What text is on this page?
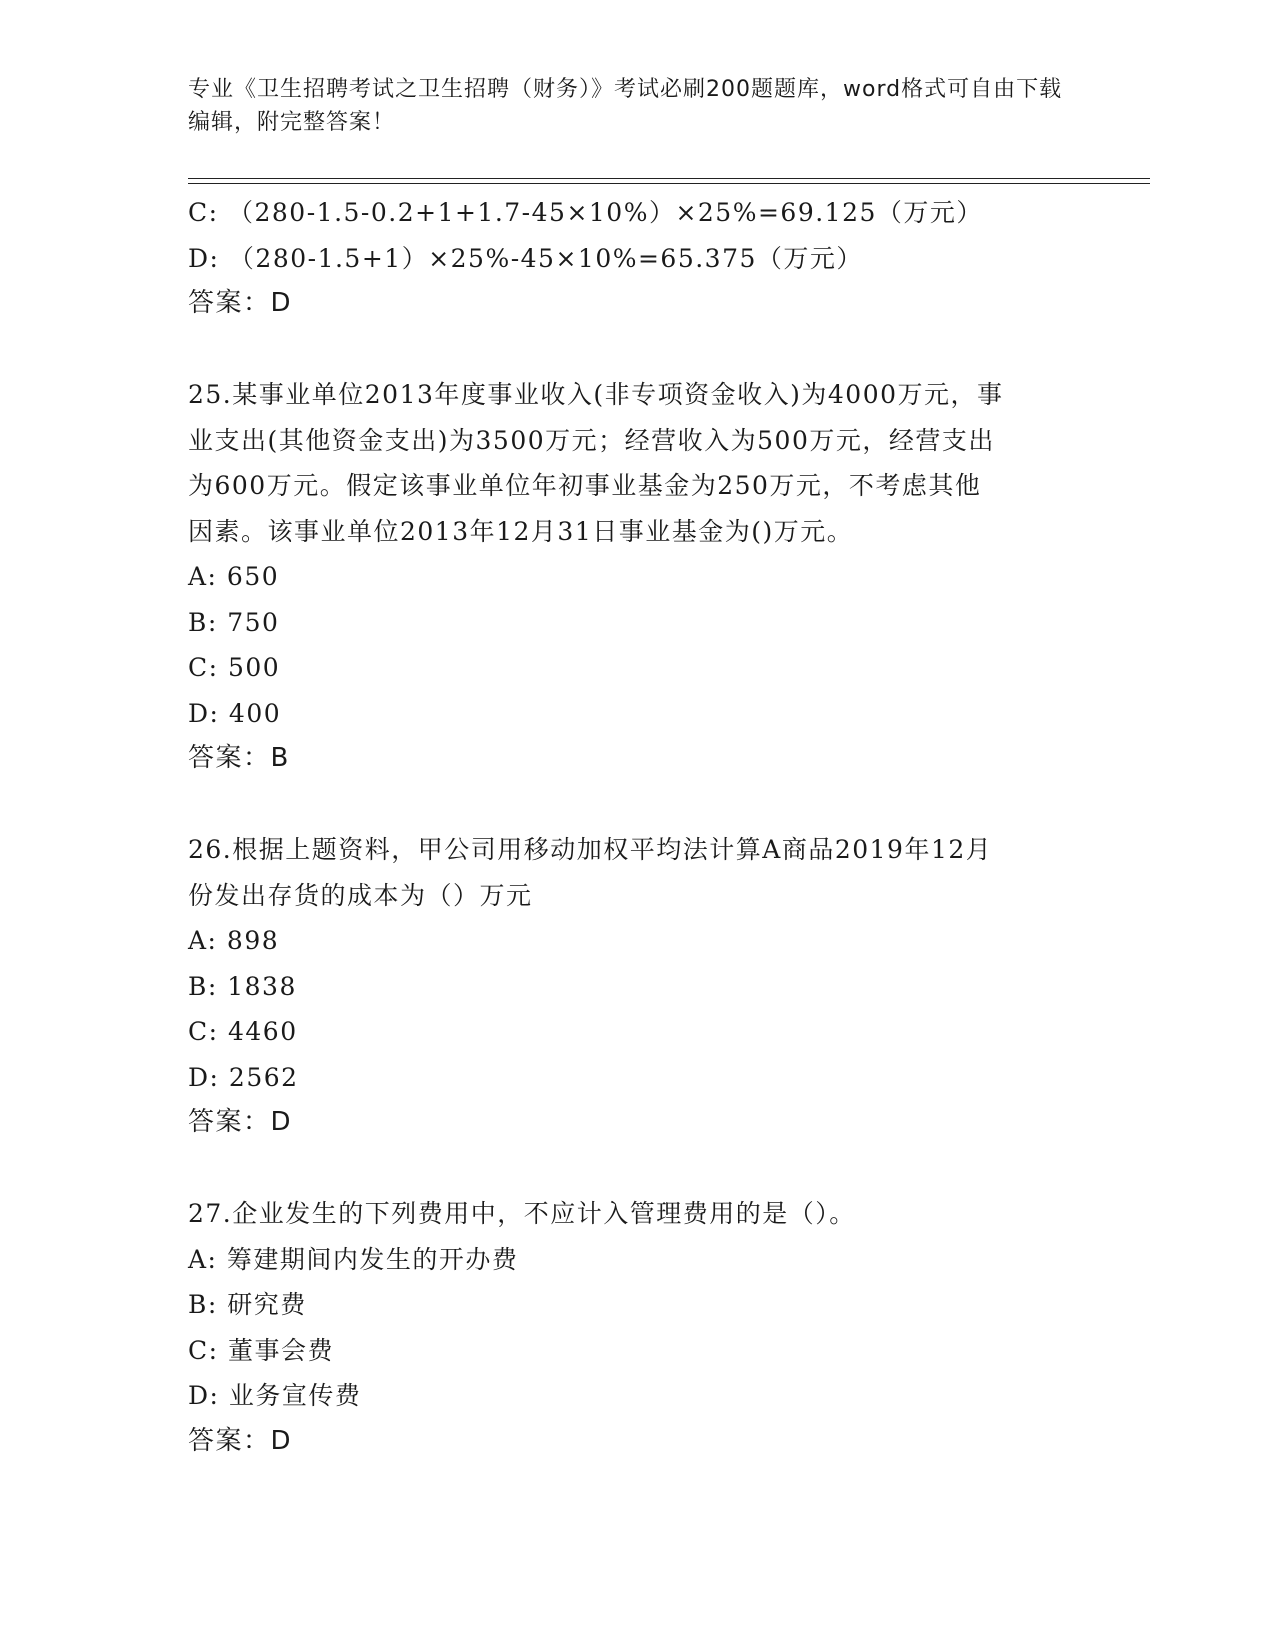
专业《卫生招聘考试之卫生招聘（财务）》考试必刷200题题库，word格式可自由下载编辑，附完整答案！
C: （280-1.5-0.2+1+1.7-45×10%）×25%=69.125（万元）
D: （280-1.5+1）×25%-45×10%=65.375（万元）
答案：D
25.某事业单位2013年度事业收入(非专项资金收入)为4000万元，事
业支出(其他资金支出)为3500万元；经营收入为500万元，经营支出
为600万元。假定该事业单位年初事业基金为250万元，不考虑其他
因素。该事业单位2013年12月31日事业基金为()万元。
A: 650
B: 750
C: 500
D: 400
答案：B
26.根据上题资料，甲公司用移动加权平均法计算A商品2019年12月
份发出存货的成本为（）万元
A: 898
B: 1838
C: 4460
D: 2562
答案：D
27.企业发生的下列费用中，不应计入管理费用的是（）。
A: 筹建期间内发生的开办费
B: 研究费
C: 董事会费
D: 业务宣传费
答案：D
